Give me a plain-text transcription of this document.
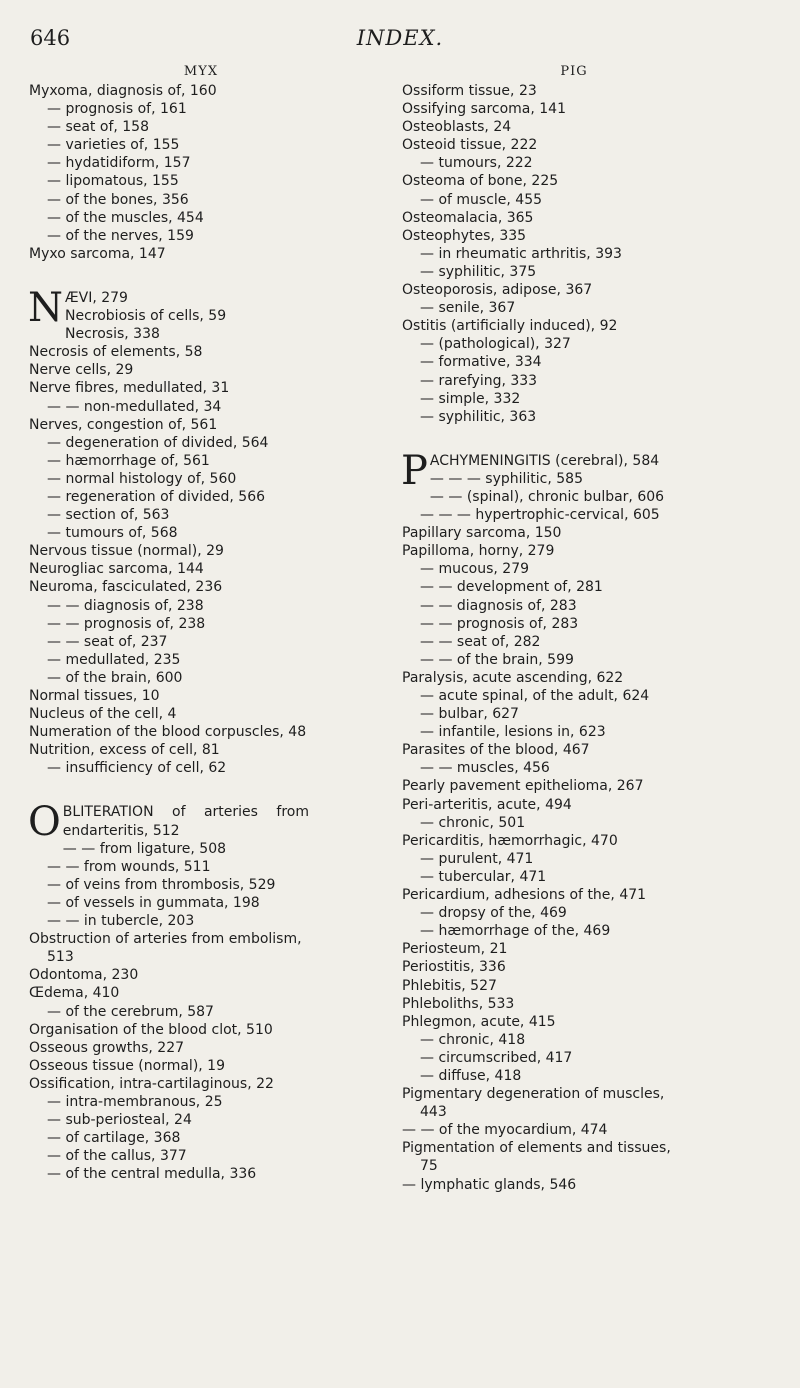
646	INDEX.
MYX
Myxoma, diagnosis of, 160
— prognosis of, 161
— seat of, 158
— varieties of, 155
— hydatidiform, 157
— lipomatous, 155
— of the bones, 356
— of the muscles, 454
— of the nerves, 159
Myxo sarcoma, 147
N ÆVI, 279
Necrobiosis of cells, 59
Necrosis, 338
Necrosis of elements, 58
Nerve cells, 29
Nerve fibres, medullated, 31
— — non-medullated, 34
Nerves, congestion of, 561
— degeneration of divided, 564
— hæmorrhage of, 561
— normal histology of, 560
— regeneration of divided, 566
— section of, 563
— tumours of, 568
Nervous tissue (normal), 29
Neurogliac sarcoma, 144
Neuroma, fasciculated, 236
— — diagnosis of, 238
— — prognosis of, 238
— — seat of, 237
— medullated, 235
— of the brain, 600
Normal tissues, 10
Nucleus of the cell, 4
Numeration of the blood corpuscles, 48
Nutrition, excess of cell, 81
— insufficiency of cell, 62
O BLITERATION of arteries from
endarteritis, 512
— — from ligature, 508
— — from wounds, 511
— of veins from thrombosis, 529
— of vessels in gummata, 198
— — in tubercle, 203
Obstruction of arteries from embolism,
513
Odontoma, 230
Œdema, 410
— of the cerebrum, 587
Organisation of the blood clot, 510
Osseous growths, 227
Osseous tissue (normal), 19
Ossification, intra-cartilaginous, 22
— intra-membranous, 25
— sub-periosteal, 24
— of cartilage, 368
— of the callus, 377
— of the central medulla, 336
PIG
Ossiform tissue, 23
Ossifying sarcoma, 141
Osteoblasts, 24
Osteoid tissue, 222
— tumours, 222
Osteoma of bone, 225
— of muscle, 455
Osteomalacia, 365
Osteophytes, 335
— in rheumatic arthritis, 393
— syphilitic, 375
Osteoporosis, adipose, 367
— senile, 367
Ostitis (artificially induced), 92
— (pathological), 327
— formative, 334
— rarefying, 333
— simple, 332
— syphilitic, 363
P ACHYMENINGITIS (cerebral), 584
— — — syphilitic, 585
— — (spinal), chronic bulbar, 606
— — — hypertrophic-cervical, 605
Papillary sarcoma, 150
Papilloma, horny, 279
— mucous, 279
— — development of, 281
— — diagnosis of, 283
— — prognosis of, 283
— — seat of, 282
— — of the brain, 599
Paralysis, acute ascending, 622
— acute spinal, of the adult, 624
— bulbar, 627
— infantile, lesions in, 623
Parasites of the blood, 467
— — muscles, 456
Pearly pavement epithelioma, 267
Peri-arteritis, acute, 494
— chronic, 501
Pericarditis, hæmorrhagic, 470
— purulent, 471
— tubercular, 471
Pericardium, adhesions of the, 471
— dropsy of the, 469
— hæmorrhage of the, 469
Periosteum, 21
Periostitis, 336
Phlebitis, 527
Phleboliths, 533
Phlegmon, acute, 415
— chronic, 418
— circumscribed, 417
— diffuse, 418
Pigmentary degeneration of muscles,
443
— — of the myocardium, 474
Pigmentation of elements and tissues,
75
— lymphatic glands, 546
